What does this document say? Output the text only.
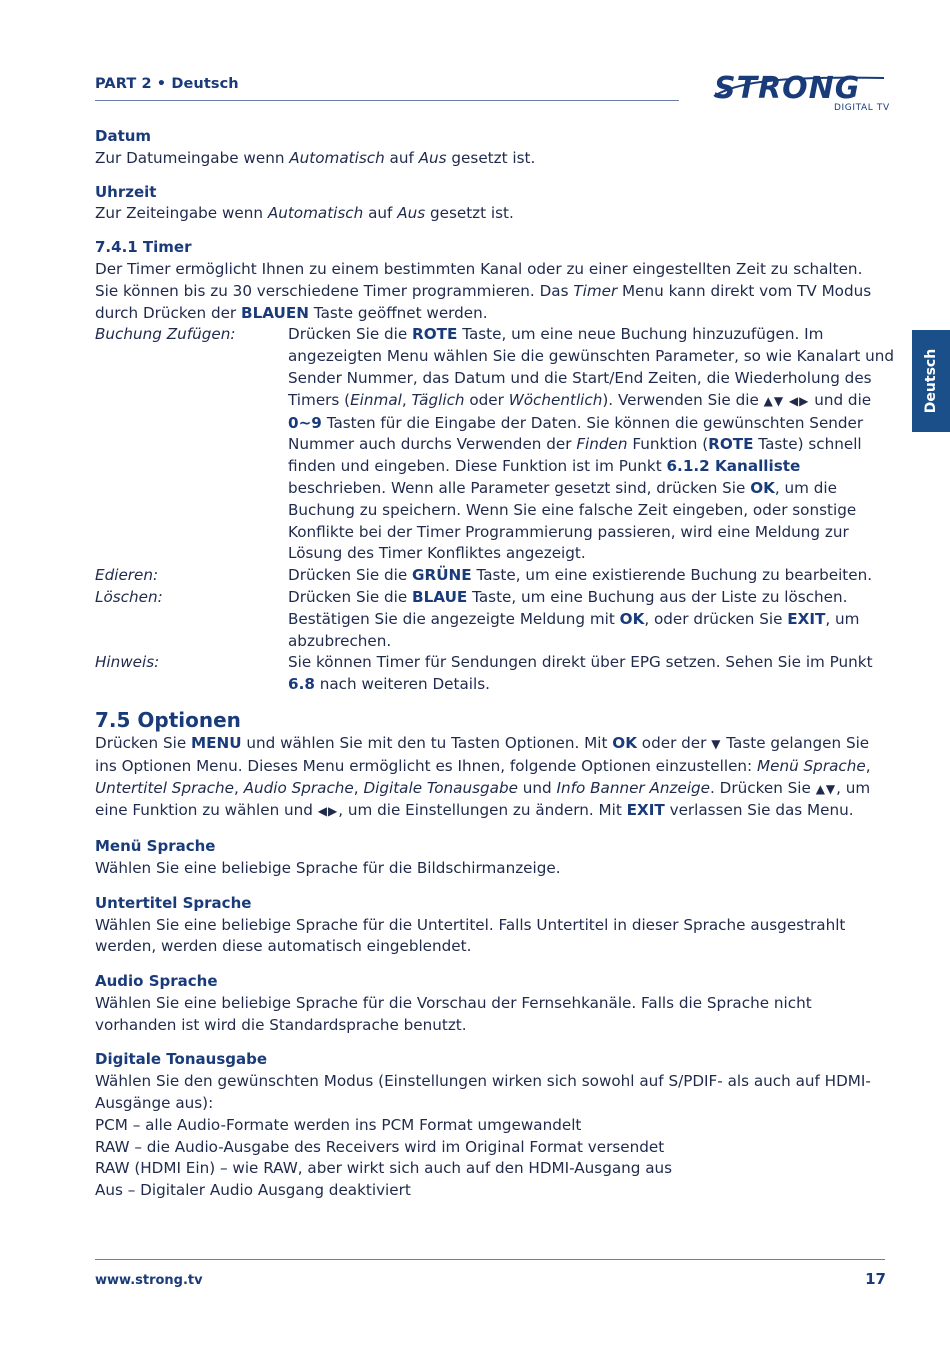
PART 2 • Deutsch	STRONG
DIGITAL TV
Deutsch
Datum
Zur Datumeingabe wenn Automatisch auf Aus gesetzt ist.
Uhrzeit
Zur Zeiteingabe wenn Automatisch auf Aus gesetzt ist.
7.4.1 Timer
Der Timer ermöglicht Ihnen zu einem bestimmten Kanal oder zu einer eingestellten Zeit zu schalten.
Sie können bis zu 30 verschiedene Timer programmieren. Das Timer Menu kann direkt vom TV Modus
durch Drücken der BLAUEN Taste geöffnet werden.
Buchung Zufügen:	Drücken Sie die ROTE Taste, um eine neue Buchung hinzuzufügen. Im angezeigten Menu wählen Sie die gewünschten Parameter, so wie Kanalart und Sender Nummer, das Datum und die Start/End Zeiten, die Wiederholung des Timers (Einmal, Täglich oder Wöchentlich). Verwenden Sie die ▲▼ ◀▶ und die 0~9 Tasten für die Eingabe der Daten. Sie können die gewünschten Sender Nummer auch durchs Verwenden der Finden Funktion (ROTE Taste) schnell finden und eingeben. Diese Funktion ist im Punkt 6.1.2 Kanalliste beschrieben. Wenn alle Parameter gesetzt sind, drücken Sie OK, um die Buchung zu speichern. Wenn Sie eine falsche Zeit eingeben, oder sonstige Konflikte bei der Timer Programmierung passieren, wird eine Meldung zur Lösung des Timer Konfliktes angezeigt.
Edieren:	Drücken Sie die GRÜNE Taste, um eine existierende Buchung zu bearbeiten.
Löschen:	Drücken Sie die BLAUE Taste, um eine Buchung aus der Liste zu löschen. Bestätigen Sie die angezeigte Meldung mit OK, oder drücken Sie EXIT, um abzubrechen.
Hinweis:	Sie können Timer für Sendungen direkt über EPG setzen. Sehen Sie im Punkt 6.8 nach weiteren Details.
7.5 Optionen
Drücken Sie MENU und wählen Sie mit den tu Tasten Optionen. Mit OK oder der ▼ Taste gelangen Sie ins Optionen Menu. Dieses Menu ermöglicht es Ihnen, folgende Optionen einzustellen: Menü Sprache, Untertitel Sprache, Audio Sprache, Digitale Tonausgabe und Info Banner Anzeige. Drücken Sie ▲▼, um eine Funktion zu wählen und ◀▶, um die Einstellungen zu ändern. Mit EXIT verlassen Sie das Menu.
Menü Sprache
Wählen Sie eine beliebige Sprache für die Bildschirmanzeige.
Untertitel Sprache
Wählen Sie eine beliebige Sprache für die Untertitel. Falls Untertitel in dieser Sprache ausgestrahlt werden, werden diese automatisch eingeblendet.
Audio Sprache
Wählen Sie eine beliebige Sprache für die Vorschau der Fernsehkanäle. Falls die Sprache nicht vorhanden ist wird die Standardsprache benutzt.
Digitale Tonausgabe
Wählen Sie den gewünschten Modus (Einstellungen wirken sich sowohl auf S/PDIF- als auch auf HDMI-Ausgänge aus):
PCM – alle Audio-Formate werden ins PCM Format umgewandelt
RAW – die Audio-Ausgabe des Receivers wird im Original Format versendet
RAW (HDMI Ein) – wie RAW, aber wirkt sich auch auf den HDMI-Ausgang aus
Aus – Digitaler Audio Ausgang deaktiviert
www.strong.tv	17
